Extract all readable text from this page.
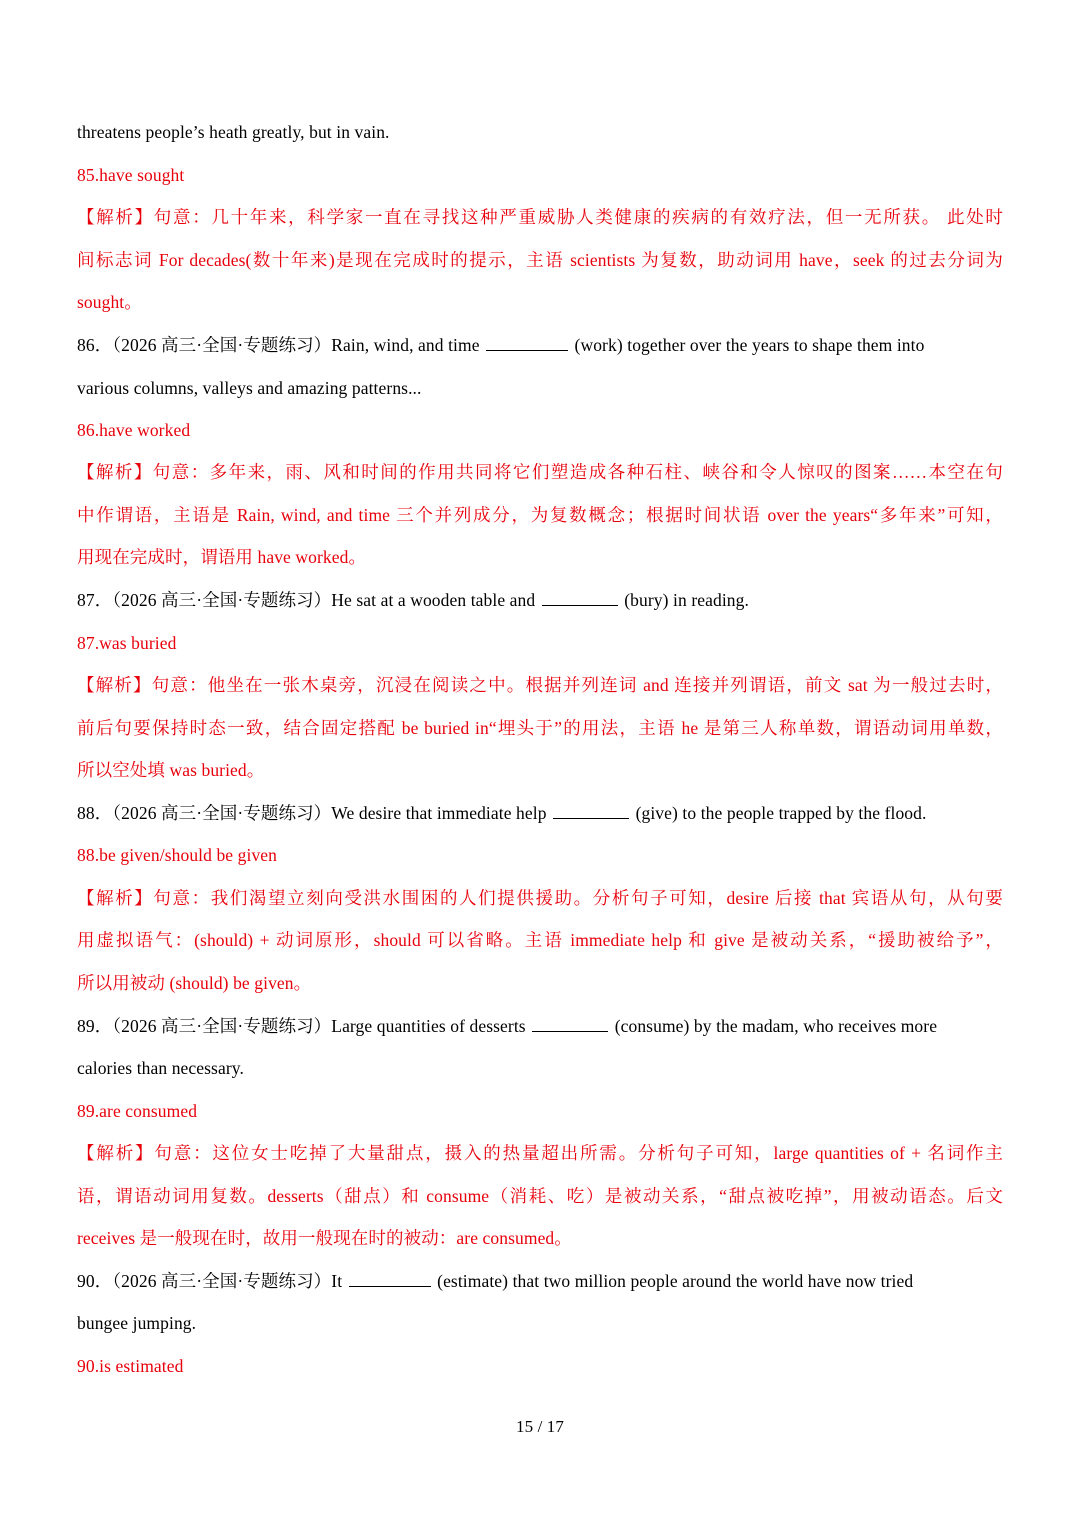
threatens people’s heath greatly, but in vain.
85.have sought
【解析】句意：几十年来，科学家一直在寻找这种严重威胁人类健康的疾病的有效疗法，但一无所获。 此处时
间标志词 For decades(数十年来)是现在完成时的提示，主语 scientists 为复数，助动词用 have，seek 的过去分词为
sought。
86．（2026 高三·全国·专题练习）Rain, wind, and time	(work) together over the years to shape them into
various columns, valleys and amazing patterns...
86.have worked
【解析】句意：多年来，雨、风和时间的作用共同将它们塑造成各种石柱、峡谷和令人惊叹的图案……本空在句
中作谓语，主语是 Rain, wind, and time 三个并列成分，为复数概念；根据时间状语 over the years“多年来”可知，
用现在完成时，谓语用 have worked。
87．（2026 高三·全国·专题练习）He sat at a wooden table and	(bury) in reading.
87.was buried
【解析】句意：他坐在一张木桌旁，沉浸在阅读之中。根据并列连词 and 连接并列谓语，前文 sat 为一般过去时，
前后句要保持时态一致，结合固定搭配 be buried in“埋头于”的用法，主语 he 是第三人称单数，谓语动词用单数，
所以空处填 was buried。
88．（2026 高三·全国·专题练习）We desire that immediate help	(give) to the people trapped by the flood.
88.be given/should be given
【解析】句意：我们渴望立刻向受洪水围困的人们提供援助。分析句子可知，desire 后接 that 宾语从句，从句要
用虚拟语气：(should) + 动词原形，should 可以省略。主语 immediate help 和 give 是被动关系，“援助被给予”，
所以用被动 (should) be given。
89．（2026 高三·全国·专题练习）Large quantities of desserts	(consume) by the madam, who receives more
calories than necessary.
89.are consumed
【解析】句意：这位女士吃掉了大量甜点，摄入的热量超出所需。分析句子可知，large quantities of + 名词作主
语，谓语动词用复数。desserts（甜点）和 consume（消耗、吃）是被动关系，“甜点被吃掉”，用被动语态。后文
receives 是一般现在时，故用一般现在时的被动：are consumed。
90．（2026 高三·全国·专题练习）It	(estimate) that two million people around the world have now tried
bungee jumping.
90.is estimated
15 / 17
